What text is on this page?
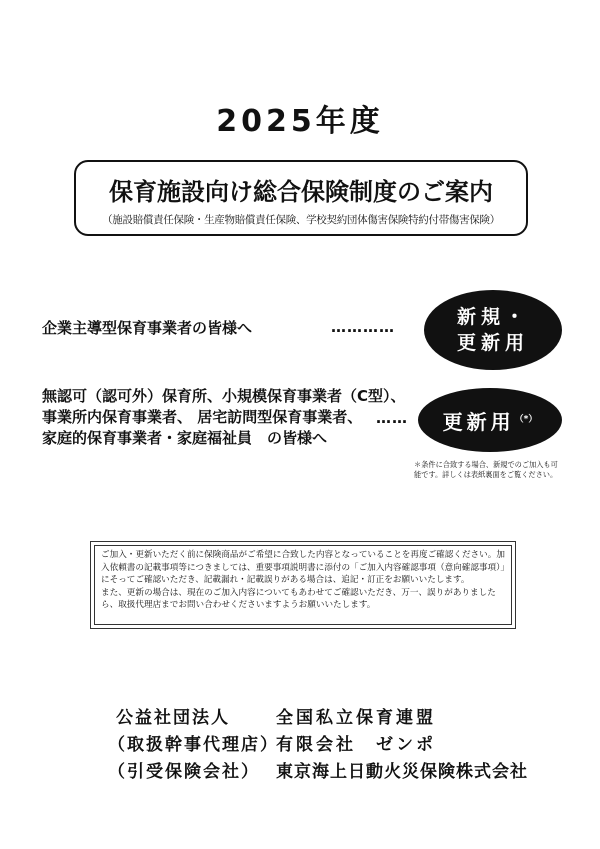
2025年度
保育施設向け総合保険制度のご案内
（施設賠償責任保険・生産物賠償責任保険、学校契約団体傷害保険特約付帯傷害保険）
企業主導型保育事業者の皆様へ	…………	新規・
更新用
無認可（認可外）保育所、小規模保育事業者（C型）、
事業所内保育事業者、 居宅訪問型保育事業者、
家庭的保育事業者・家庭福祉員　の皆様へ
…… 更新用（*）
＊条件に合致する場合、新規でのご加入も可能です。詳しくは表紙裏面をご覧ください。
ご加入・更新いただく前に保険商品がご希望に合致した内容となっていることを再度ご確認ください。加入依頼書の記載事項等につきましては、重要事項説明書に添付の「ご加入内容確認事項（意向確認事項）」にそってご確認いただき、記載漏れ・記載誤りがある場合は、追記・訂正をお願いいたします。
また、更新の場合は、現在のご加入内容についてもあわせてご確認いただき、万一、誤りがありましたら、取扱代理店までお問い合わせくださいますようお願いいたします。
公益社団法人	全国私立保育連盟
（取扱幹事代理店）有限会社　ゼンポ
（引受保険会社） 東京海上日動火災保険株式会社
